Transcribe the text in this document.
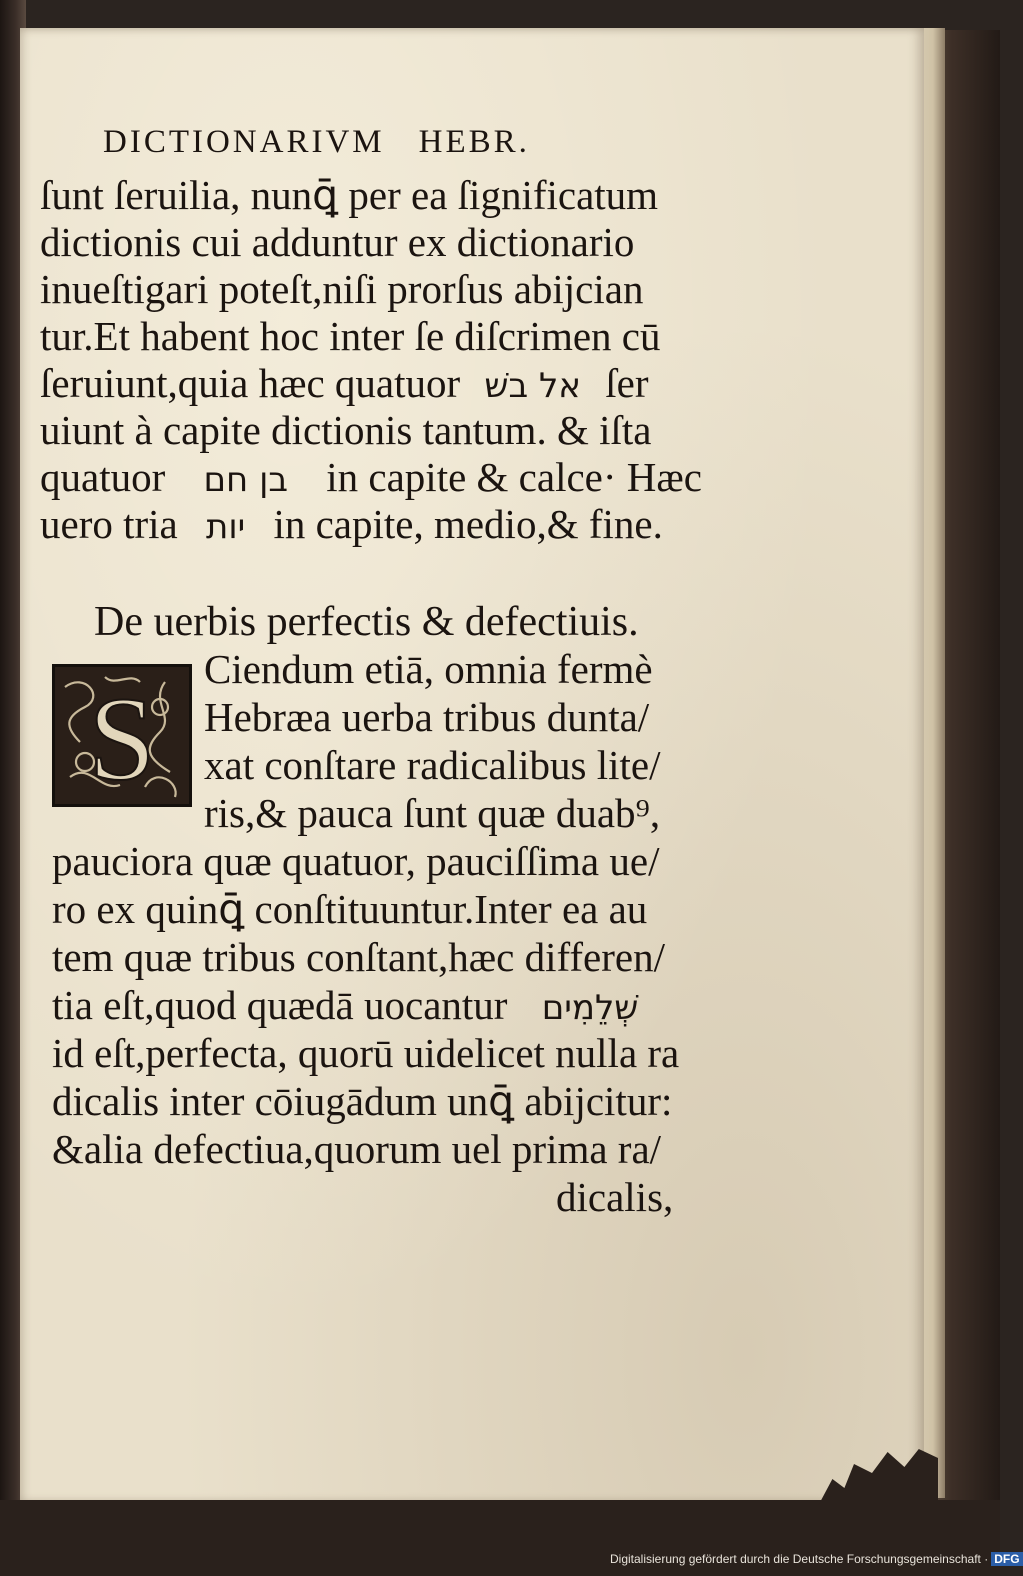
DICTIONARIVM HEBR.
ſunt ſeruilia, nunꝗ̄ per ea ſignificatum
dictionis cui adduntur ex dictionario
inueſtigari poteſt,niſi prorſus abijcian
tur.Et habent hoc inter ſe diſcrimen cū
ſeruiunt,quia hæc quatuor אל בשׁ ſer
uiunt à capite dictionis tantum. & iſta
quatuor בן חם in capite & calce· Hæc
uero tria יות in capite, medio,& fine.
De uerbis perfectis & defectiuis.
S
Ciendum etiā, omnia fermè
Hebræa uerba tribus dunta/
xat conſtare radicalibus lite/
ris,& pauca ſunt quæ duab⁹,
pauciora quæ quatuor, pauciſſima ue/
ro ex quinꝗ̄ conſtituuntur.Inter ea au
tem quæ tribus conſtant,hæc differen/
tia eſt,quod quædā uocantur שְׁלֵמִים
id eſt,perfecta, quorū uidelicet nulla ra
dicalis inter cōiugādum unꝗ̄ abijcitur:
&alia defectiua,quorum uel prima ra/
dicalis,
Digitalisierung gefördert durch die Deutsche Forschungsgemeinschaft · DFG
